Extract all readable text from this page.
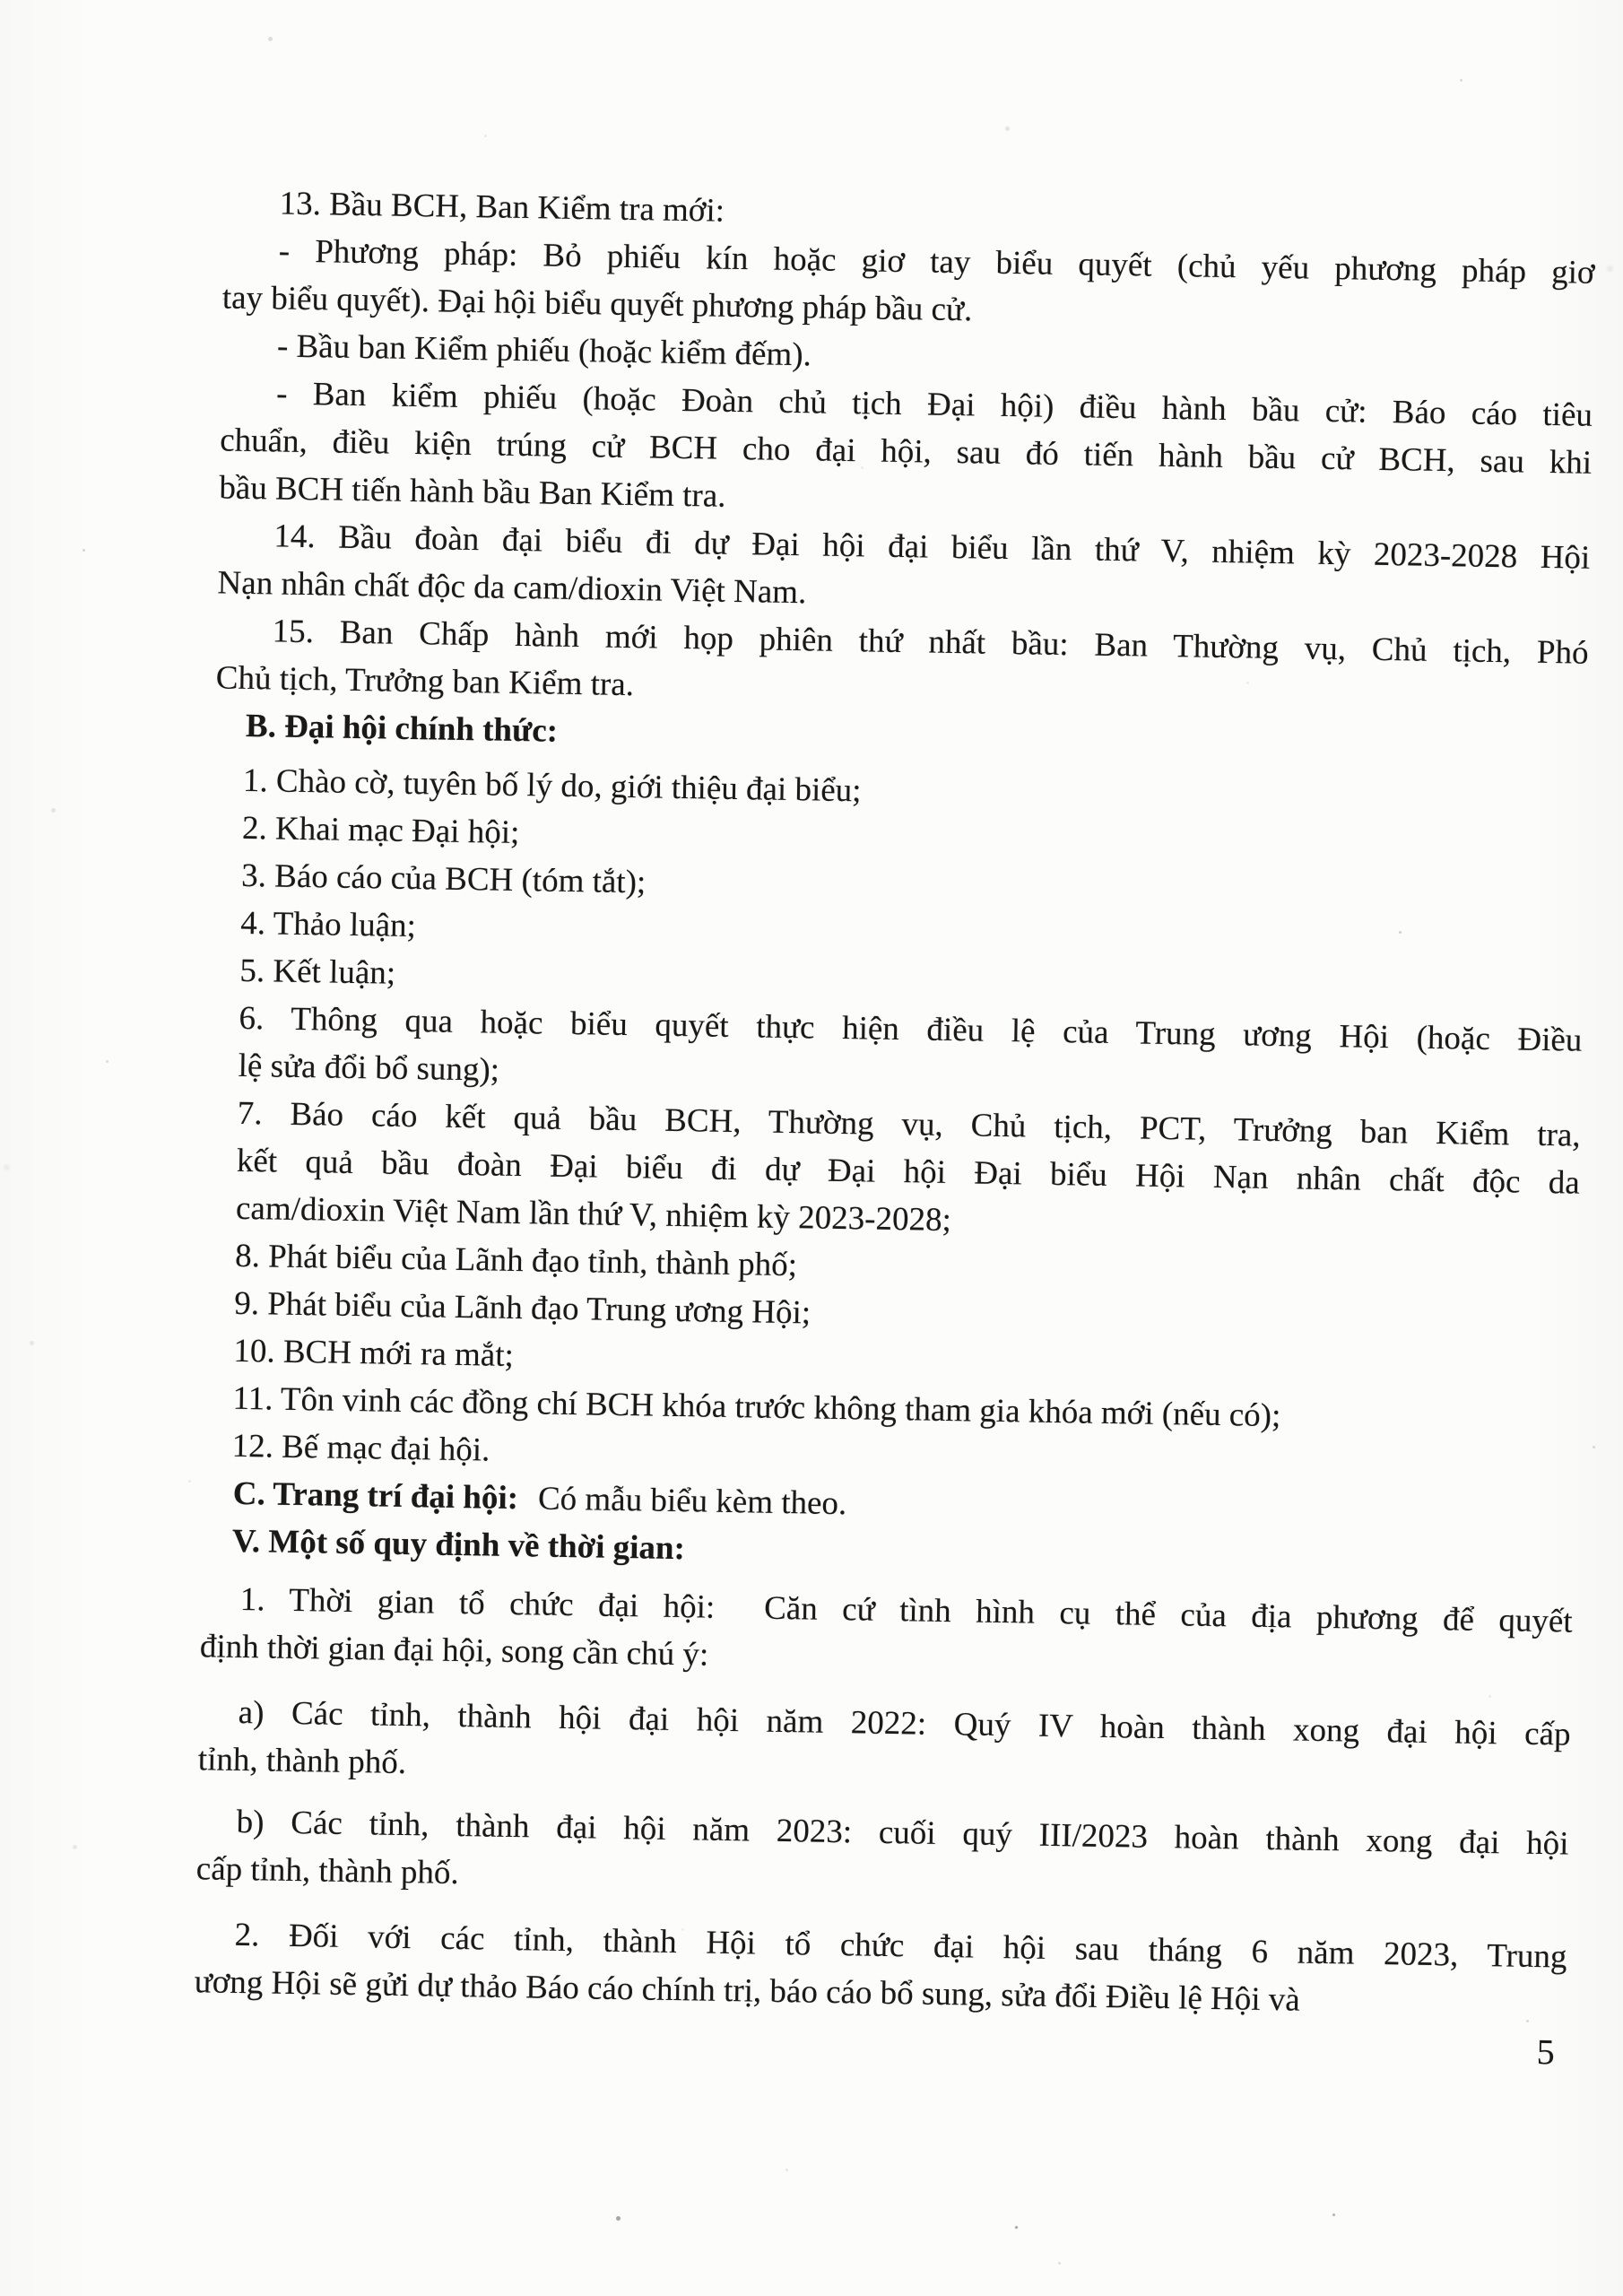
13. Bầu BCH, Ban Kiểm tra mới:

- Phương pháp: Bỏ phiếu kín hoặc giơ tay biểu quyết (chủ yếu phương pháp giơ

tay biểu quyết). Đại hội biểu quyết phương pháp bầu cử.

- Bầu ban Kiểm phiếu (hoặc kiểm đếm).

- Ban kiểm phiếu (hoặc Đoàn chủ tịch Đại hội) điều hành bầu cử: Báo cáo tiêu
chuẩn, điều kiện trúng cử BCH cho đại hội, sau đó tiến hành bầu cử BCH, sau khi

bầu BCH tiến hành bầu Ban Kiểm tra.

14. Bầu đoàn đại biểu đi dự Đại hội đại biểu lần thứ V, nhiệm kỳ 2023-2028 Hội

Nạn nhân chất độc da cam/dioxin Việt Nam.

15. Ban Chấp hành mới họp phiên thứ nhất bầu: Ban Thường vụ, Chủ tịch, Phó

Chủ tịch, Trưởng ban Kiểm tra.

B. Đại hội chính thức:

1. Chào cờ, tuyên bố lý do, giới thiệu đại biểu;

2. Khai mạc Đại hội;

3. Báo cáo của BCH (tóm tắt);

4. Thảo luận;

5. Kết luận;

6. Thông qua hoặc biểu quyết thực hiện điều lệ của Trung ương Hội (hoặc Điều

lệ sửa đổi bổ sung);

7. Báo cáo kết quả bầu BCH, Thường vụ, Chủ tịch, PCT, Trưởng ban Kiểm tra,
kết quả bầu đoàn Đại biểu đi dự Đại hội Đại biểu Hội Nạn nhân chất độc da

cam/dioxin Việt Nam lần thứ V, nhiệm kỳ 2023-2028;

8. Phát biểu của Lãnh đạo tỉnh, thành phố;

9. Phát biểu của Lãnh đạo Trung ương Hội;

10. BCH mới ra mắt;

11. Tôn vinh các đồng chí BCH khóa trước không tham gia khóa mới (nếu có);

12. Bế mạc đại hội.

C. Trang trí đại hội: Có mẫu biểu kèm theo.

V. Một số quy định về thời gian:

1. Thời gian tổ chức đại hội:  Căn cứ tình hình cụ thể của địa phương để quyết

định thời gian đại hội, song cần chú ý:

a) Các tỉnh, thành hội đại hội năm 2022: Quý IV hoàn thành xong đại hội cấp

tỉnh, thành phố.

b) Các tỉnh, thành đại hội năm 2023: cuối quý III/2023 hoàn thành xong đại hội

cấp tỉnh, thành phố.

2. Đối với các tỉnh, thành Hội tổ chức đại hội sau tháng 6 năm 2023, Trung

ương Hội sẽ gửi dự thảo Báo cáo chính trị, báo cáo bổ sung, sửa đổi Điều lệ Hội và

5
